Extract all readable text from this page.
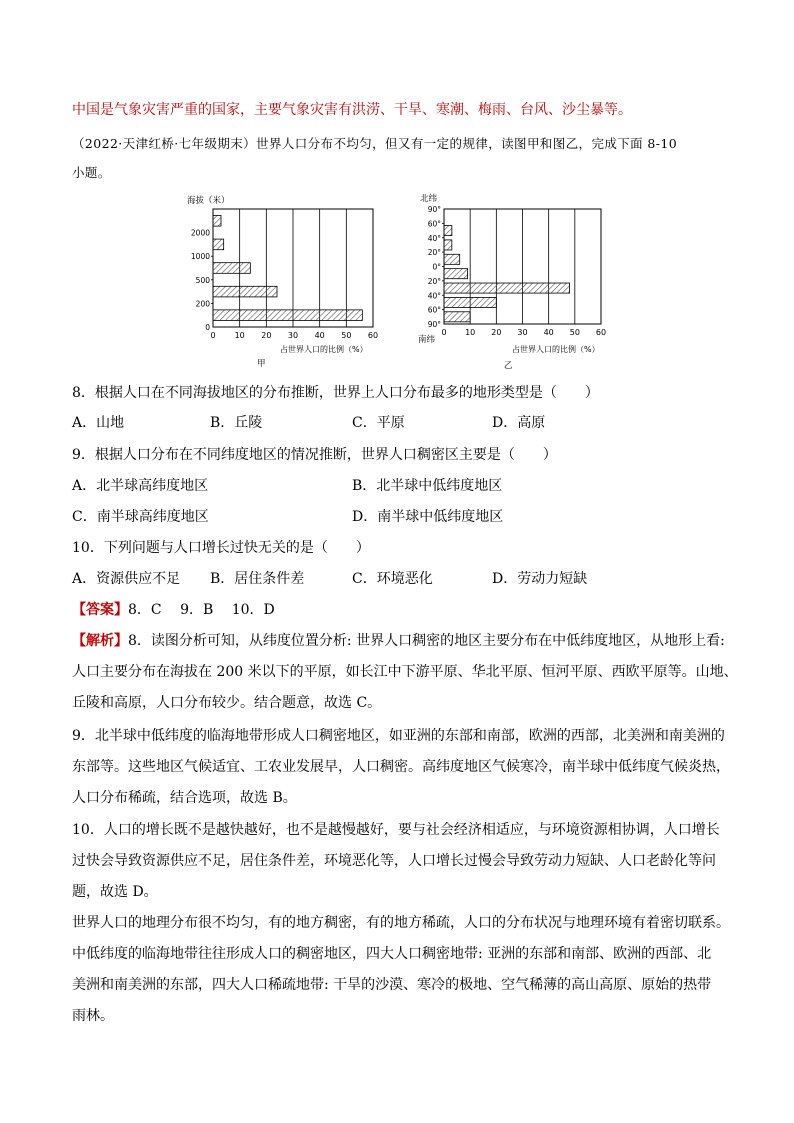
中国是气象灾害严重的国家，主要气象灾害有洪涝、干旱、寒潮、梅雨、台风、沙尘暴等。
（2022·天津红桥·七年级期末）世界人口分布不均匀，但又有一定的规律，读图甲和图乙，完成下面 8-10
小题。
海拔（米）
0
200
500
1000
2000
0 10 20 30 40 50 60
占世界人口的比例（%）
甲
北纬
90°
60°
40°
20°
0°
20°
40°
60°
90°
0 10 20 30 40 50 60
南纬
占世界人口的比例（%）
乙
8．根据人口在不同海拔地区的分布推断，世界上人口分布最多的地形类型是（　　）
A．山地	B．丘陵	C．平原	D．高原
9．根据人口分布在不同纬度地区的情况推断，世界人口稠密区主要是（　　）
A．北半球高纬度地区	B．北半球中低纬度地区
C．南半球高纬度地区	D．南半球中低纬度地区
10．下列问题与人口增长过快无关的是（　　）
A．资源供应不足 B．居住条件差	C．环境恶化	D．劳动力短缺
【答案】8．C　 9．B　 10．D
【解析】8．读图分析可知，从纬度位置分析: 世界人口稠密的地区主要分布在中低纬度地区，从地形上看:
人口主要分布在海拔在 200 米以下的平原，如长江中下游平原、华北平原、恒河平原、西欧平原等。山地、
丘陵和高原，人口分布较少。结合题意，故选 C。
9．北半球中低纬度的临海地带形成人口稠密地区，如亚洲的东部和南部，欧洲的西部，北美洲和南美洲的
东部等。这些地区气候适宜、工农业发展早，人口稠密。高纬度地区气候寒冷，南半球中低纬度气候炎热，
人口分布稀疏，结合选项，故选 B。
10．人口的增长既不是越快越好，也不是越慢越好，要与社会经济相适应，与环境资源相协调，人口增长
过快会导致资源供应不足，居住条件差，环境恶化等，人口增长过慢会导致劳动力短缺、人口老龄化等问
题，故选 D。
世界人口的地理分布很不均匀，有的地方稠密，有的地方稀疏，人口的分布状况与地理环境有着密切联系。
中低纬度的临海地带往往形成人口的稠密地区，四大人口稠密地带: 亚洲的东部和南部、欧洲的西部、北
美洲和南美洲的东部，四大人口稀疏地带: 干旱的沙漠、寒冷的极地、空气稀薄的高山高原、原始的热带
雨林。
